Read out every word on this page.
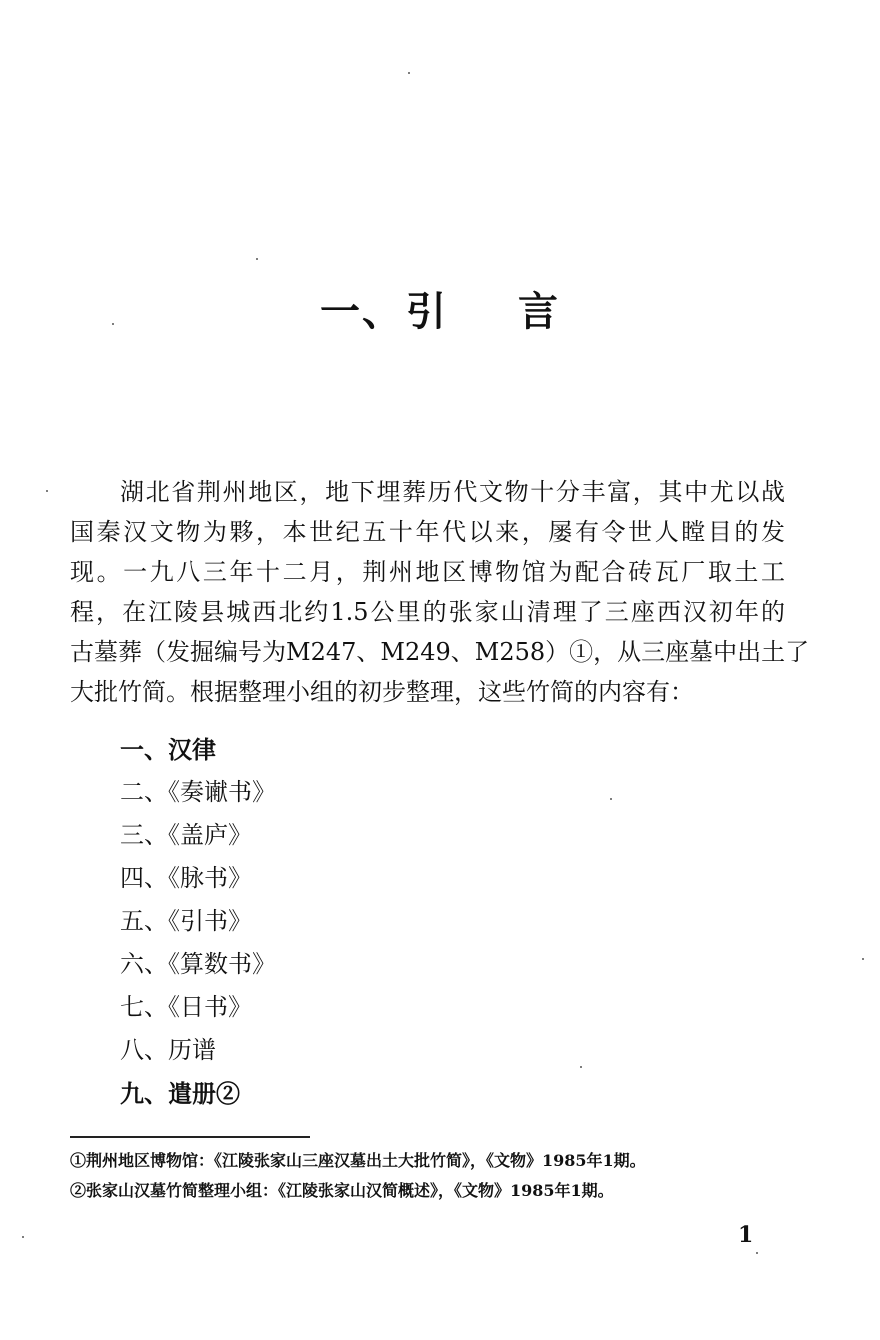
一、引 言

湖北省荆州地区，地下埋葬历代文物十分丰富，其中尤以战
国秦汉文物为夥，本世纪五十年代以来，屡有令世人瞠目的发
现。一九八三年十二月，荆州地区博物馆为配合砖瓦厂取土工
程，在江陵县城西北约1.5公里的张家山清理了三座西汉初年的
古墓葬（发掘编号为M247、M249、M258）①，从三座墓中出土了
大批竹简。根据整理小组的初步整理，这些竹简的内容有：

一、汉律
二、《奏谳书》
三、《盖庐》
四、《脉书》
五、《引书》
六、《算数书》
七、《日书》
八、历谱
九、遣册②
①荆州地区博物馆：《江陵张家山三座汉墓出土大批竹简》，《文物》1985年1期。
②张家山汉墓竹简整理小组：《江陵张家山汉简概述》，《文物》1985年1期。
1
